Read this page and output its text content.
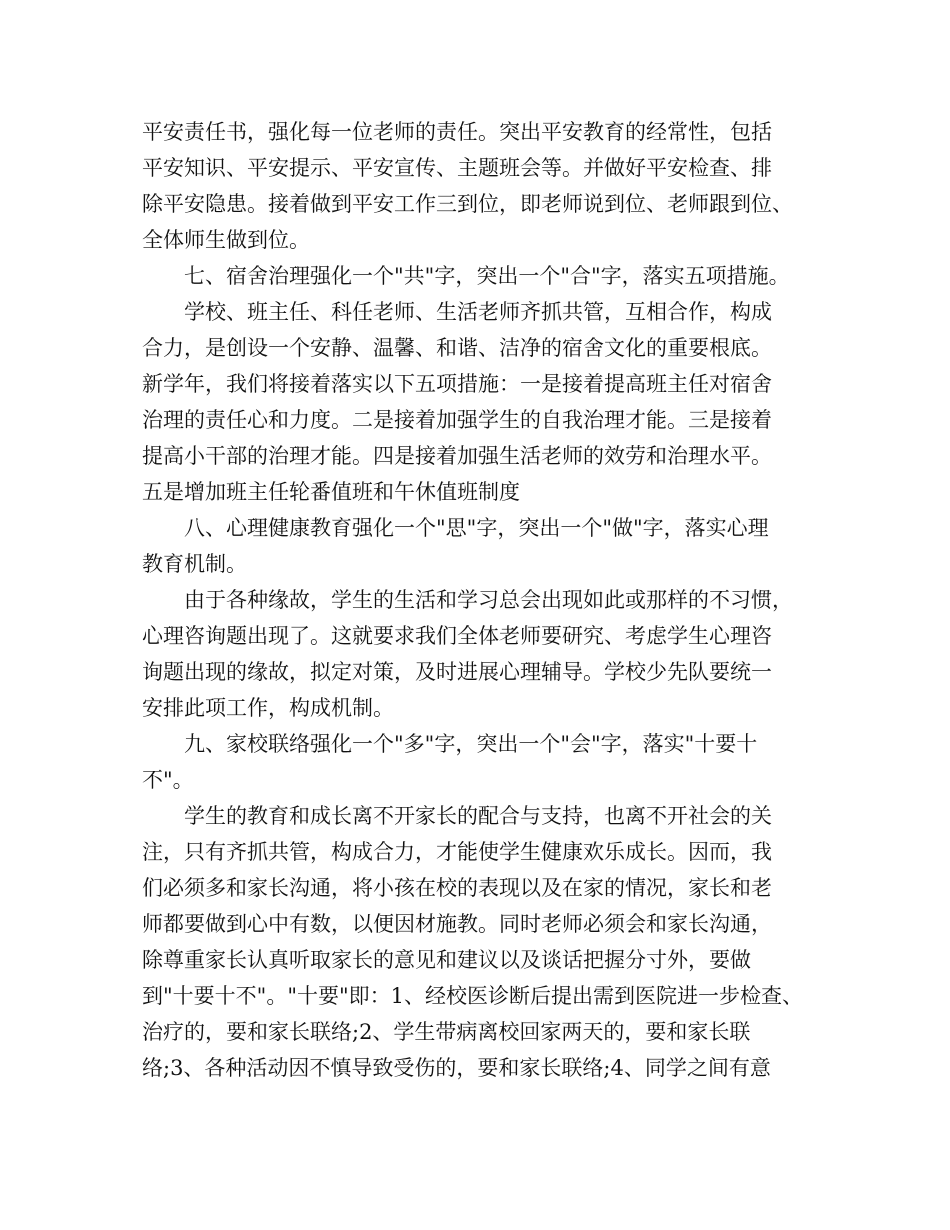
平安责任书，强化每一位老师的责任。突出平安教育的经常性，包括
平安知识、平安提示、平安宣传、主题班会等。并做好平安检查、排
除平安隐患。接着做到平安工作三到位，即老师说到位、老师跟到位、
全体师生做到位。
七、宿舍治理强化一个"共"字，突出一个"合"字，落实五项措施。
学校、班主任、科任老师、生活老师齐抓共管，互相合作，构成
合力，是创设一个安静、温馨、和谐、洁净的宿舍文化的重要根底。
新学年，我们将接着落实以下五项措施：一是接着提高班主任对宿舍
治理的责任心和力度。二是接着加强学生的自我治理才能。三是接着
提高小干部的治理才能。四是接着加强生活老师的效劳和治理水平。
五是增加班主任轮番值班和午休值班制度
八、心理健康教育强化一个"思"字，突出一个"做"字，落实心理
教育机制。
由于各种缘故，学生的生活和学习总会出现如此或那样的不习惯，
心理咨询题出现了。这就要求我们全体老师要研究、考虑学生心理咨
询题出现的缘故，拟定对策，及时进展心理辅导。学校少先队要统一
安排此项工作，构成机制。
九、家校联络强化一个"多"字，突出一个"会"字，落实"十要十
不"。
学生的教育和成长离不开家长的配合与支持，也离不开社会的关
注，只有齐抓共管，构成合力，才能使学生健康欢乐成长。因而，我
们必须多和家长沟通，将小孩在校的表现以及在家的情况，家长和老
师都要做到心中有数，以便因材施教。同时老师必须会和家长沟通，
除尊重家长认真听取家长的意见和建议以及谈话把握分寸外，要做
到"十要十不"。"十要"即：1、经校医诊断后提出需到医院进一步检查、
治疗的，要和家长联络;2、学生带病离校回家两天的，要和家长联
络;3、各种活动因不慎导致受伤的，要和家长联络;4、同学之间有意
